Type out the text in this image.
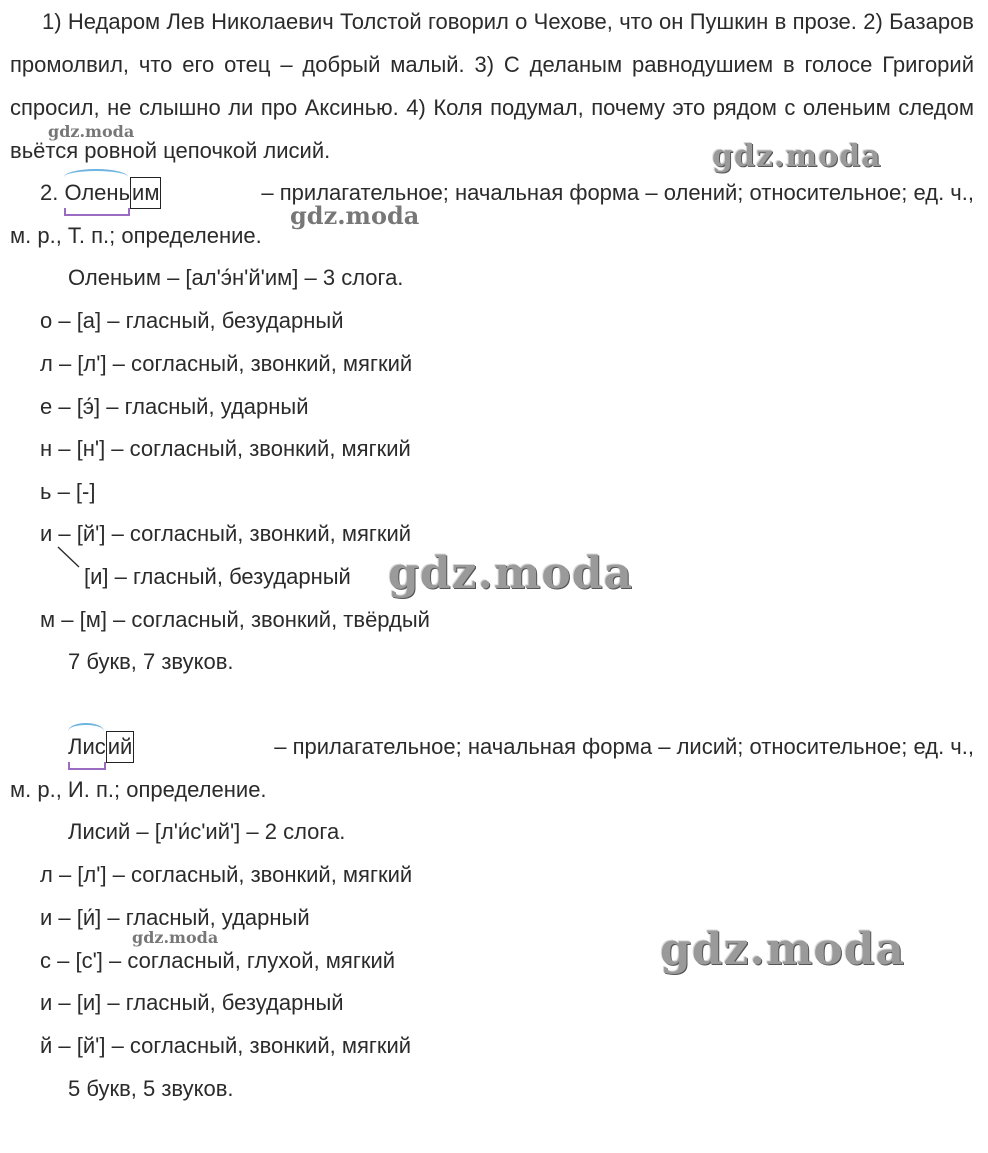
1) Недаром Лев Николаевич Толстой говорил о Чехове, что он Пушкин в прозе. 2) Базаров промолвил, что его отец – добрый малый. 3) С деланым равнодушием в голосе Григорий спросил, не слышно ли про Аксинью. 4) Коля подумал, почему это рядом с оленьим следом вьётся ровной цепочкой лисий.
2. Олень
им	– прилагательное; начальная форма – олений; относительное; ед. ч.,
м. р., Т. п.; определение.
Оленьим – [ал'э́н'й'им] – 3 слога.
о – [а] – гласный, безударный
л – [л'] – согласный, звонкий, мягкий
е – [э́] – гласный, ударный
н – [н'] – согласный, звонкий, мягкий
ь – [-]
и – [й'] – согласный, звонкий, мягкий
[и] – гласный, безударный
м – [м] – согласный, звонкий, твёрдый
7 букв, 7 звуков.
Лис
ий	– прилагательное; начальная форма – лисий; относительное; ед. ч.,
м. р., И. п.; определение.
Лисий – [л'и́с'ий'] – 2 слога.
л – [л'] – согласный, звонкий, мягкий
и – [и́] – гласный, ударный
с – [с'] – согласный, глухой, мягкий
и – [и] – гласный, безударный
й – [й'] – согласный, звонкий, мягкий
5 букв, 5 звуков.
gdz.moda
gdz.moda
gdz.moda
gdz.moda
gdz.moda	gdz.moda
